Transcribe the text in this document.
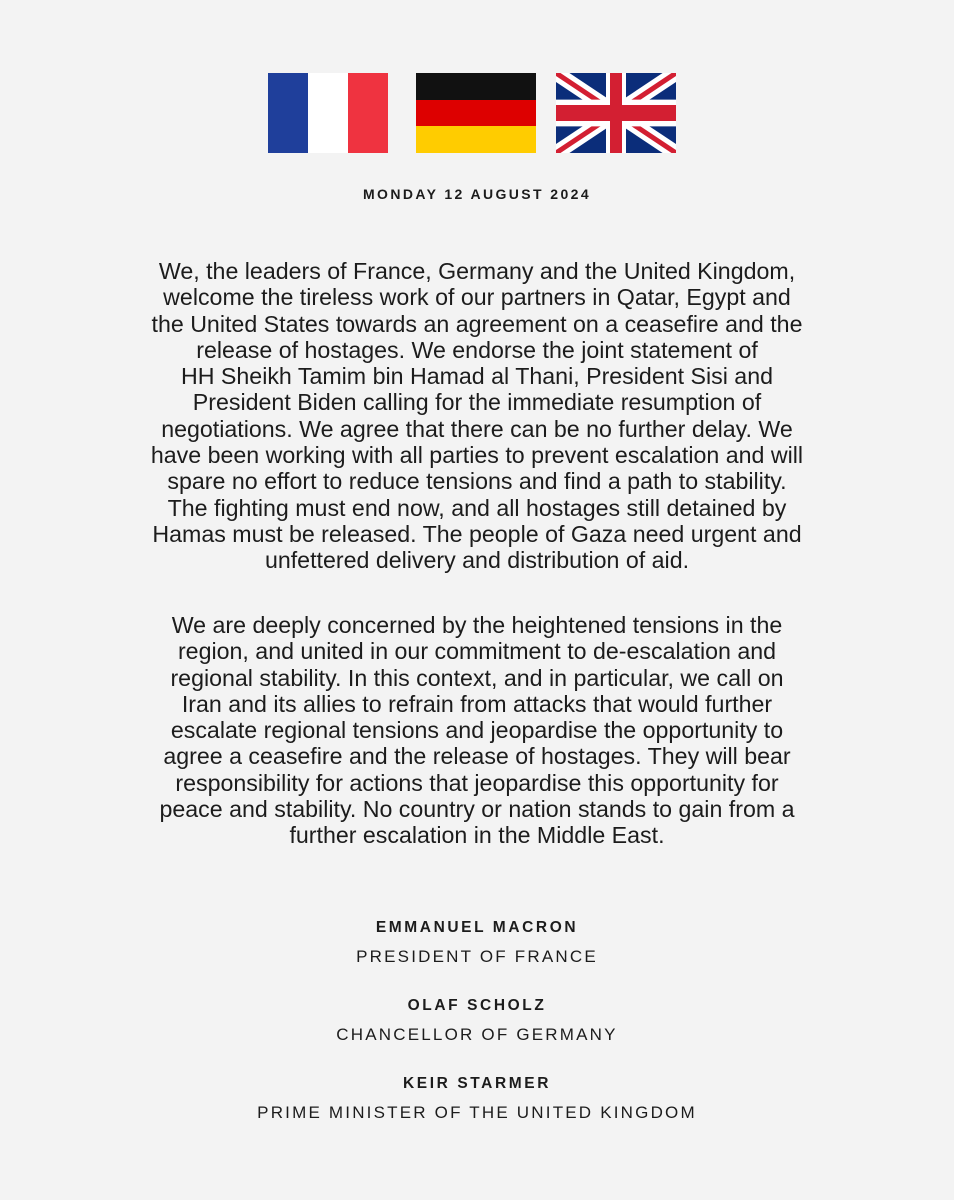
MONDAY 12 AUGUST 2024

We, the leaders of France, Germany and the United Kingdom,

welcome the tireless work of our partners in Qatar, Egypt and

the United States towards an agreement on a ceasefire and the

release of hostages. We endorse the joint statement of

HH Sheikh Tamim bin Hamad al Thani, President Sisi and

President Biden calling for the immediate resumption of

negotiations. We agree that there can be no further delay. We

have been working with all parties to prevent escalation and will

spare no effort to reduce tensions and find a path to stability.

The fighting must end now, and all hostages still detained by

Hamas must be released. The people of Gaza need urgent and

unfettered delivery and distribution of aid.

We are deeply concerned by the heightened tensions in the

region, and united in our commitment to de-escalation and

regional stability. In this context, and in particular, we call on

Iran and its allies to refrain from attacks that would further

escalate regional tensions and jeopardise the opportunity to

agree a ceasefire and the release of hostages. They will bear

responsibility for actions that jeopardise this opportunity for

peace and stability. No country or nation stands to gain from a

further escalation in the Middle East.

EMMANUEL MACRON
PRESIDENT OF FRANCE
OLAF SCHOLZ
CHANCELLOR OF GERMANY
KEIR STARMER
PRIME MINISTER OF THE UNITED KINGDOM
